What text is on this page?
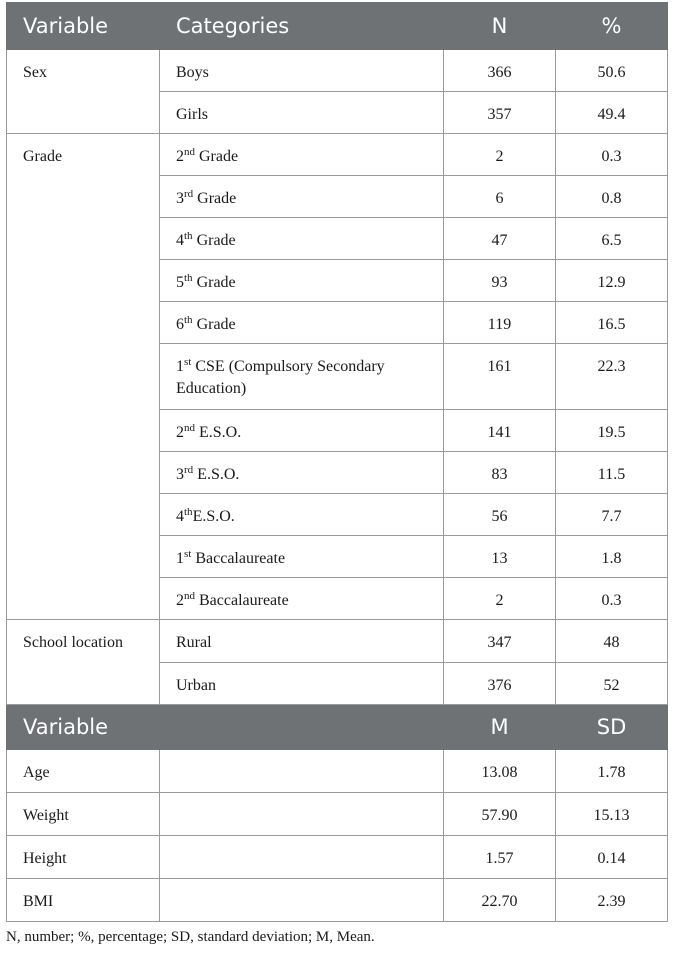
Variable	Categories	N	%

Sex	Boys	366	50.6

	Girls	357	49.4

Grade	2nd Grade	2	0.3

	3rd Grade	6	0.8

	4th Grade	47	6.5

	5th Grade	93	12.9

	6th Grade	119	16.5

	1st CSE (Compulsory Secondary Education)	161	22.3

	2nd E.S.O.	141	19.5

	3rd E.S.O.	83	11.5

	4thE.S.O.	56	7.7

	1st Baccalaureate	13	1.8

	2nd Baccalaureate	2	0.3

School location	Rural	347	48

	Urban	376	52

Variable		M	SD

Age		13.08	1.78

Weight		57.90	15.13

Height		1.57	0.14

BMI		22.70	2.39
N, number; %, percentage; SD, standard deviation; M, Mean.
